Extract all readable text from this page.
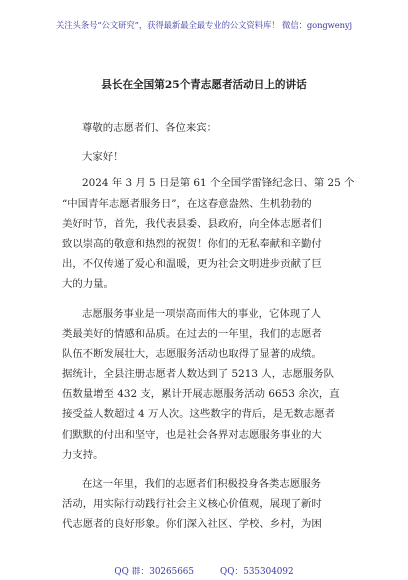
关注头条号“公文研究”，获得最新最全最专业的公文资料库！ 微信：gongwenyj
县长在全国第25个青志愿者活动日上的讲话
尊敬的志愿者们、各位来宾：
大家好！
2024 年 3 月 5 日是第 61 个全国学雷锋纪念日、第 25 个
“中国青年志愿者服务日”，在这春意盎然、生机勃勃的
美好时节，首先，我代表县委、县政府，向全体志愿者们
致以崇高的敬意和热烈的祝贺！你们的无私奉献和辛勤付
出，不仅传递了爱心和温暖，更为社会文明进步贡献了巨
大的力量。
志愿服务事业是一项崇高而伟大的事业，它体现了人
类最美好的情感和品质。在过去的一年里，我们的志愿者
队伍不断发展壮大，志愿服务活动也取得了显著的成绩。
据统计，全县注册志愿者人数达到了 5213 人，志愿服务队
伍数量增至 432 支，累计开展志愿服务活动 6653 余次，直
接受益人数超过 4 万人次。这些数字的背后，是无数志愿者
们默默的付出和坚守，也是社会各界对志愿服务事业的大
力支持。
在这一年里，我们的志愿者们积极投身各类志愿服务
活动，用实际行动践行社会主义核心价值观，展现了新时
代志愿者的良好形象。你们深入社区、学校、乡村，为困
QQ 群：30265665	QQ：535304092
